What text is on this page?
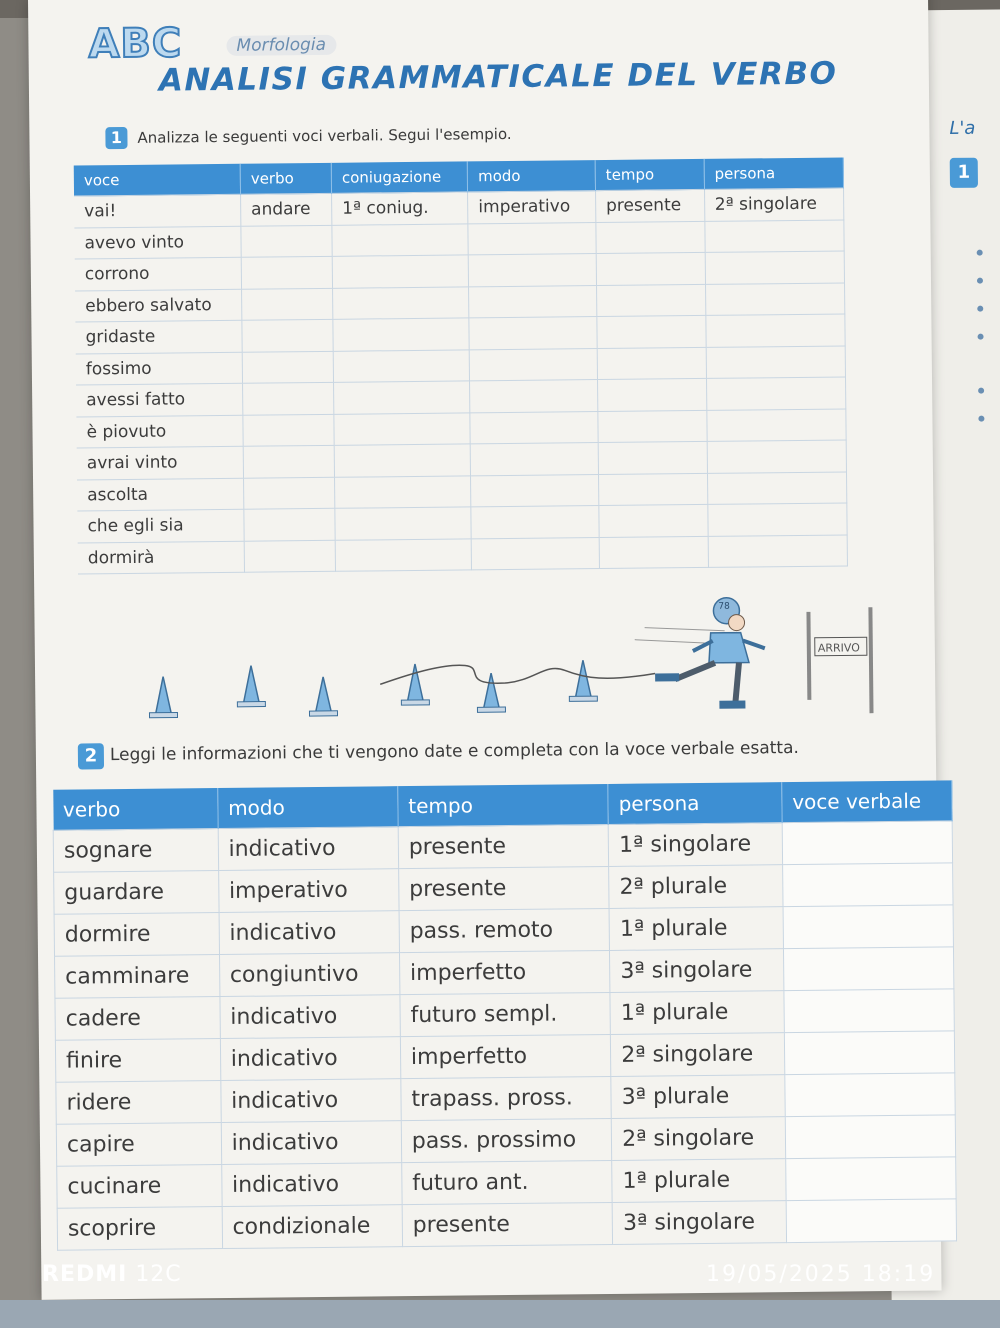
L'a
1
ABC	Morfologia
ANALISI GRAMMATICALE DEL VERBO
1	Analizza le seguenti voci verbali. Segui l'esempio.
voce	verbo	coniugazione	modo	tempo	persona
vai!	andare	1ª coniug.	imperativo	presente	2ª singolare
avevo vinto					
corrono					
ebbero salvato					
gridaste					
fossimo					
avessi fatto					
è piovuto					
avrai vinto					
ascolta					
che egli sia					
dormirà					
78
ARRIVO
2 Leggi le informazioni che ti vengono date e completa con la voce verbale esatta.
verbo	modo	tempo	persona	voce verbale
sognare	indicativo	presente	1ª singolare	
guardare	imperativo	presente	2ª plurale	
dormire	indicativo	pass. remoto	1ª plurale	
camminare	congiuntivo	imperfetto	3ª singolare	
cadere	indicativo	futuro sempl.	1ª plurale	
finire	indicativo	imperfetto	2ª singolare	
ridere	indicativo	trapass. pross.	3ª plurale	
capire	indicativo	pass. prossimo	2ª singolare	
cucinare	indicativo	futuro ant.	1ª plurale	
scoprire	condizionale	presente	3ª singolare	
REDMI 12C	19/05/2025 18:19
